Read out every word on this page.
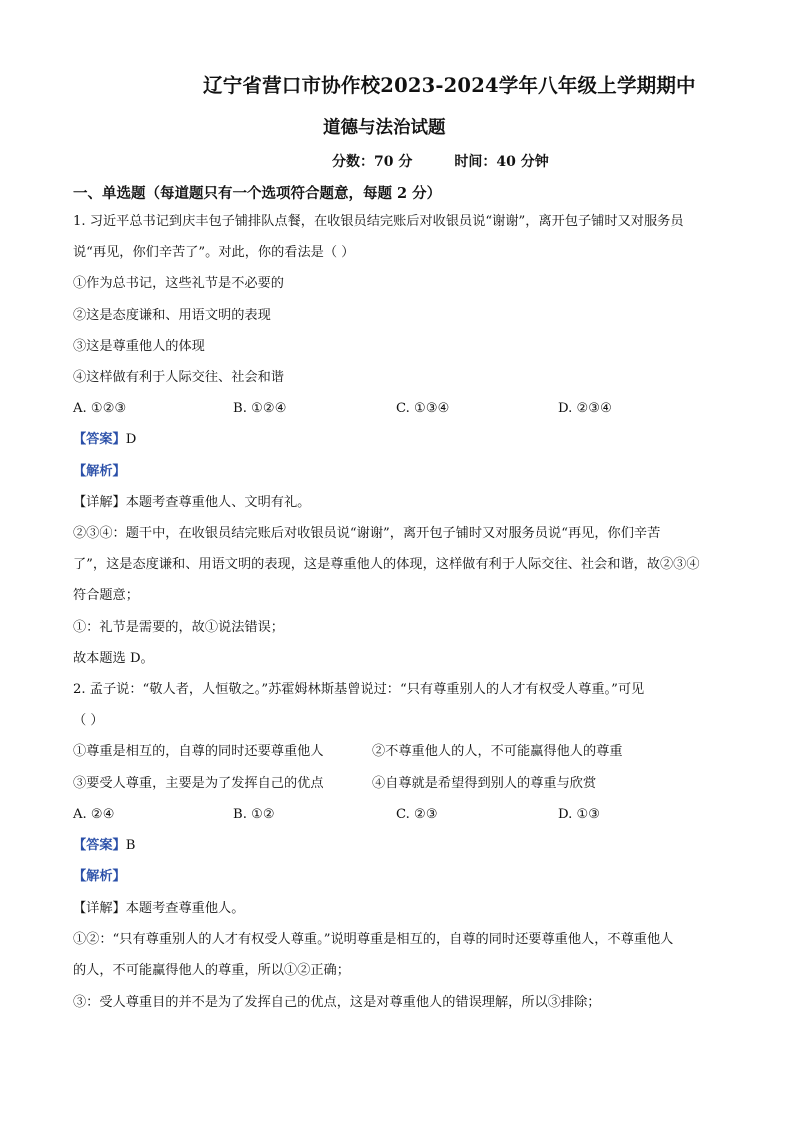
辽宁省营口市协作校2023-2024学年八年级上学期期中
道德与法治试题
分数：70 分	时间：40 分钟
一、单选题（每道题只有一个选项符合题意，每题 2 分）
1. 习近平总书记到庆丰包子铺排队点餐，在收银员结完账后对收银员说“谢谢”，离开包子铺时又对服务员
说“再见，你们辛苦了”。对此，你的看法是（ ）
①作为总书记，这些礼节是不必要的
②这是态度谦和、用语文明的表现
③这是尊重他人的体现
④这样做有利于人际交往、社会和谐
A. ①②③	B. ①②④	C. ①③④	D. ②③④
【答案】D
【解析】
【详解】本题考查尊重他人、文明有礼。
②③④：题干中，在收银员结完账后对收银员说“谢谢”，离开包子铺时又对服务员说“再见，你们辛苦
了”，这是态度谦和、用语文明的表现，这是尊重他人的体现，这样做有利于人际交往、社会和谐，故②③④
符合题意；
①：礼节是需要的，故①说法错误；
故本题选 D。
2. 孟子说：“敬人者，人恒敬之。”苏霍姆林斯基曾说过：“只有尊重别人的人才有权受人尊重。”可见
（ ）
①尊重是相互的，自尊的同时还要尊重他人	②不尊重他人的人，不可能赢得他人的尊重
③要受人尊重，主要是为了发挥自己的优点	④自尊就是希望得到别人的尊重与欣赏
A. ②④	B. ①②	C. ②③	D. ①③
【答案】B
【解析】
【详解】本题考查尊重他人。
①②：“只有尊重别人的人才有权受人尊重。”说明尊重是相互的，自尊的同时还要尊重他人，不尊重他人
的人，不可能赢得他人的尊重，所以①②正确；
③：受人尊重目的并不是为了发挥自己的优点，这是对尊重他人的错误理解，所以③排除；
